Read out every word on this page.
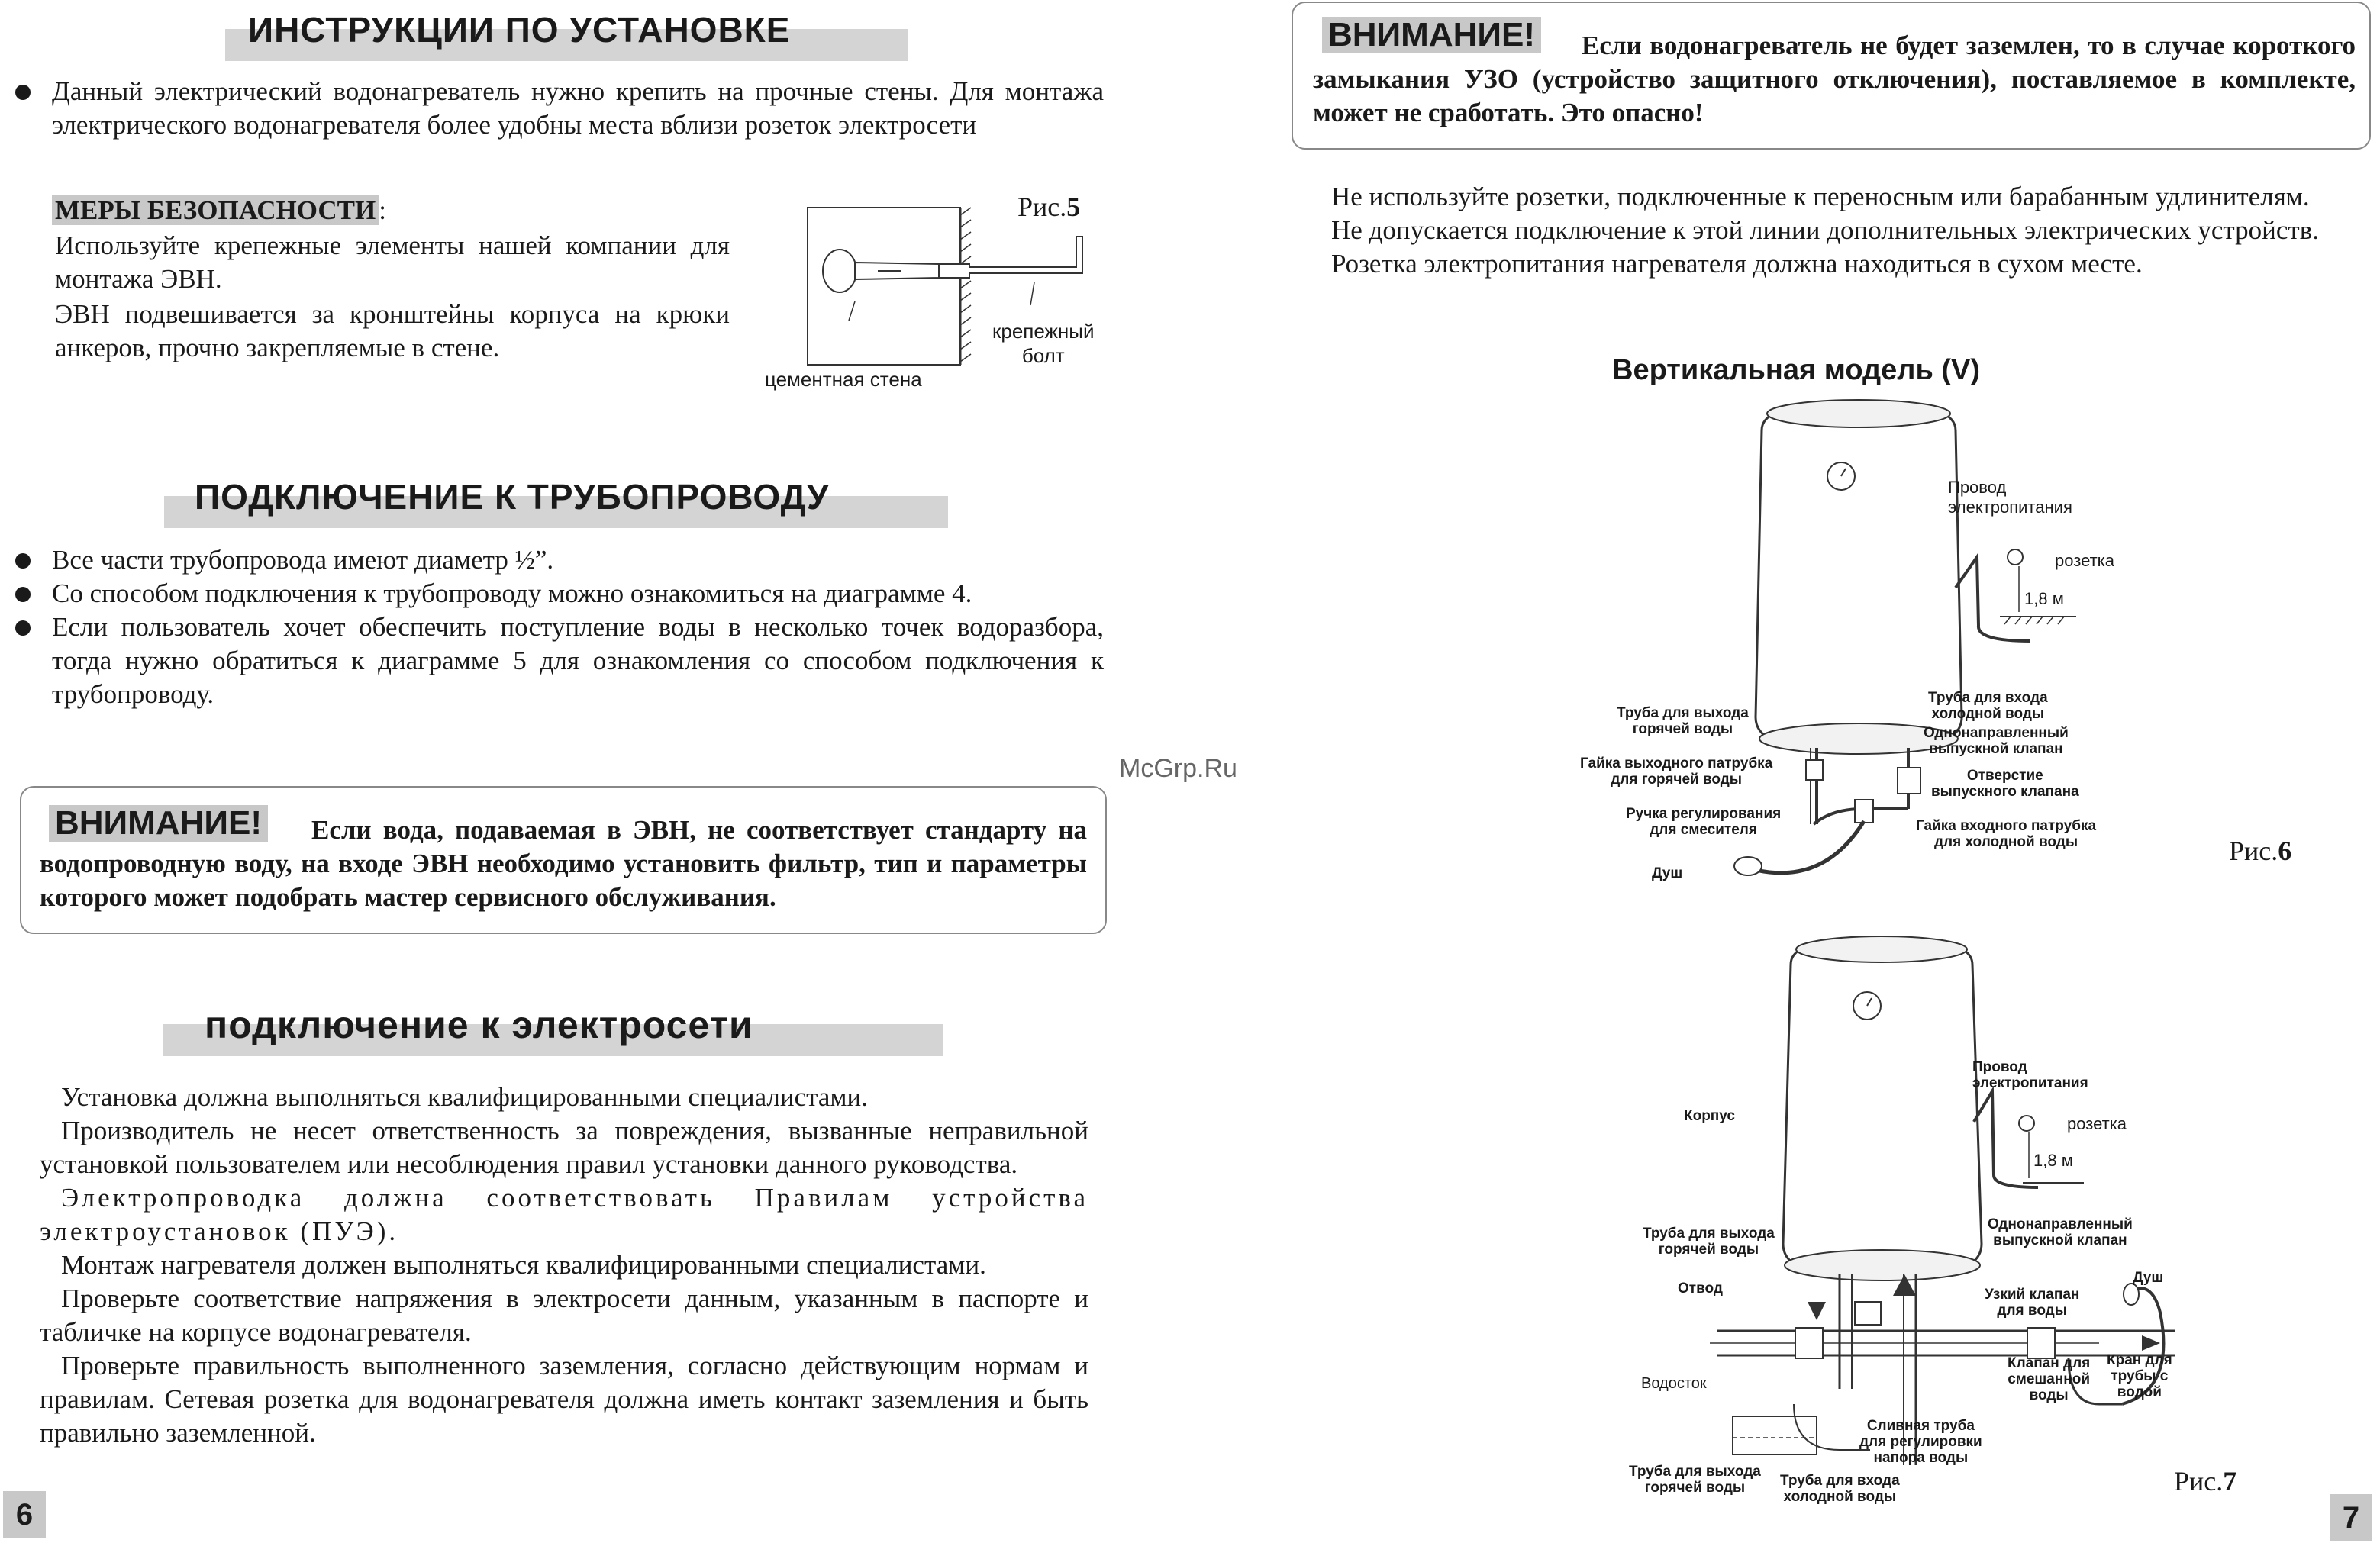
ИНСТРУКЦИИ ПО УСТАНОВКЕ
Данный электрический водонагреватель нужно крепить на прочные стены. Для монтажа электрического водонагревателя более удобны места вблизи розеток электросети
МЕРЫ БЕЗОПАСНОСТИ :
Используйте крепежные элементы нашей компании для монтажа ЭВН.
ЭВН подвешивается за кронштейны корпуса на крюки анкеров, прочно закрепляемые в стене.
Рис.5
крепежный
болт
цементная стена
ПОДКЛЮЧЕНИЕ К ТРУБОПРОВОДУ
Все части трубопровода имеют диаметр ½”.
Со способом подключения к трубопроводу можно ознакомиться на диаграмме 4.
Если пользователь хочет обеспечить поступление воды в несколько точек водоразбора, тогда нужно обратиться к диаграмме 5 для ознакомления со способом подключения к трубопроводу.
McGrp.Ru
ВНИМАНИЕ!	Если вода, подаваемая в ЭВН, не соответствует стандарту на водопроводную воду, на входе ЭВН необходимо установить фильтр, тип и параметры которого может подобрать мастер сервисного обслуживания.
подключение к электросети
Установка должна выполняться квалифицированными специалистами.
Производитель не несет ответственность за повреждения, вызванные неправильной установкой пользователем или несоблюдения правил установки данного руководства.
Электропроводка должна соответствовать Правилам устройства электроустановок (ПУЭ).
Монтаж нагревателя должен выполняться квалифицированными специалистами.
Проверьте соответствие напряжения в электросети данным, указанным в паспорте и табличке на корпусе водонагревателя.
Проверьте правильность выполненного заземления, согласно действующим нормам и правилам. Сетевая розетка для водонагревателя должна иметь контакт заземления и быть правильно заземленной.
6
ВНИМАНИЕ!	Если водонагреватель не будет заземлен, то в случае короткого замыкания УЗО (устройство защитного отключения), поставляемое в комплекте, может не сработать. Это опасно!
Не используйте розетки, подключенные к переносным или барабанным удлинителям.
Не допускается подключение к этой линии дополнительных электрических устройств.
Розетка электропитания нагревателя должна находиться в сухом месте.
Вертикальная модель (V)
Провод
электропитания
розетка
1,8 м
Труба для выхода
горячей воды
Труба для входа
холодной воды
Гайка выходного патрубка
для горячей воды
Однонаправленный
выпускной клапан
Отверстие
выпускного клапана
Ручка регулирования
для смесителя	Гайка входного патрубка
для холодной воды
Душ
Рис.6
Корпус
Провод
электропитания
розетка
1,8 м
Труба для выхода
горячей воды
Однонаправленный
выпускной клапан
Отвод
Душ
Узкий клапан
для воды
Клапан для
смешанной
воды
Кран для
трубы с
водой
Водосток
Сливная труба
для регулировки
напора воды
Труба для выхода
горячей воды	Труба для входа
холодной воды
Рис.7
7
